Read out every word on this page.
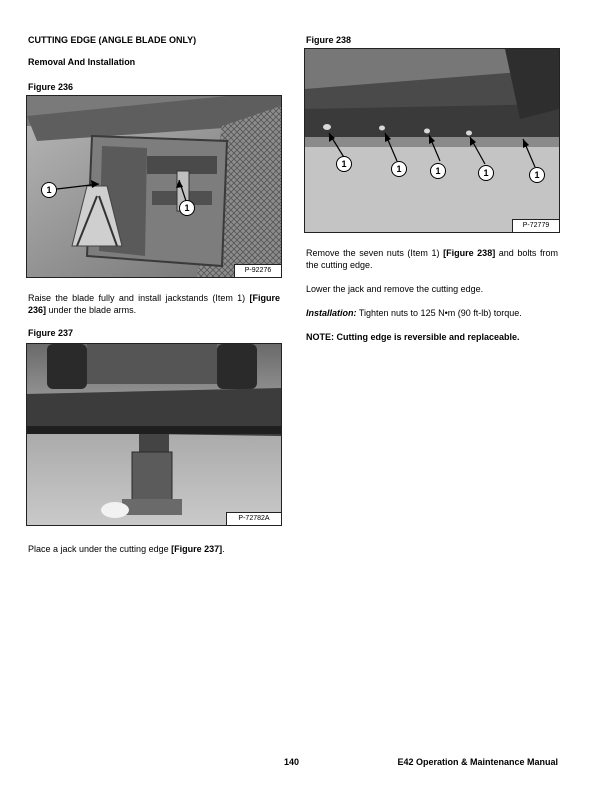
CUTTING EDGE (ANGLE BLADE ONLY)
Removal And Installation
Figure 236
1
1
P-92276
Raise the blade fully and install jackstands (Item 1) [Figure 236] under the blade arms.
Figure 237
P-72782A
Place a jack under the cutting edge [Figure 237].
Figure 238
1	1	1	1	1
P-72779
Remove the seven nuts (Item 1) [Figure 238] and bolts from the cutting edge.
Lower the jack and remove the cutting edge.
Installation: Tighten nuts to 125 N•m (90 ft-lb) torque.
NOTE: Cutting edge is reversible and replaceable.
140	E42 Operation & Maintenance Manual
